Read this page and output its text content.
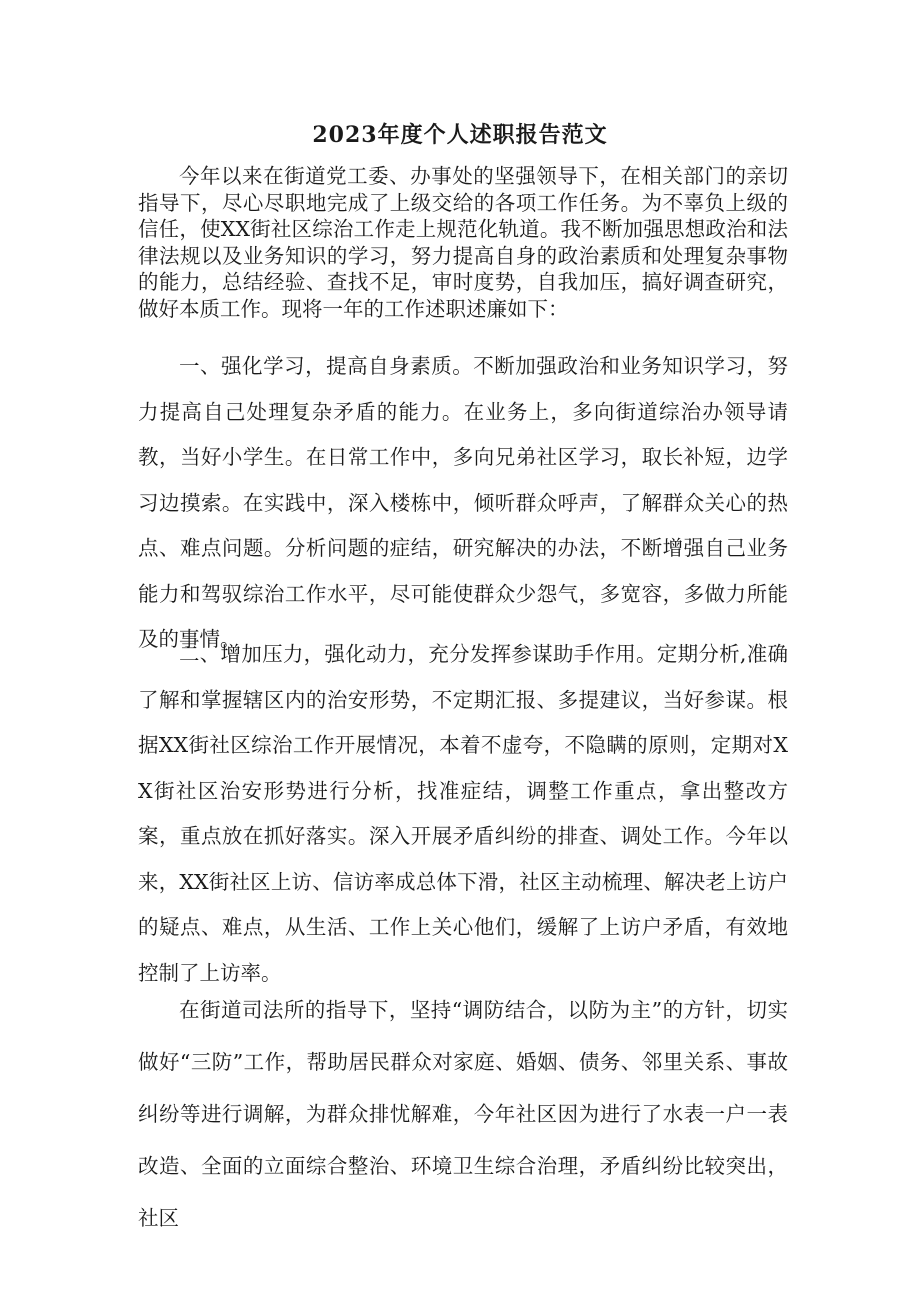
2023年度个人述职报告范文
今年以来在街道党工委、办事处的坚强领导下，在相关部门的亲切指导下，尽心尽职地完成了上级交给的各项工作任务。为不辜负上级的信任，使XX街社区综治工作走上规范化轨道。我不断加强思想政治和法律法规以及业务知识的学习，努力提高自身的政治素质和处理复杂事物的能力，总结经验、查找不足，审时度势，自我加压，搞好调查研究，做好本质工作。现将一年的工作述职述廉如下：
一、强化学习，提高自身素质。不断加强政治和业务知识学习，努力提高自己处理复杂矛盾的能力。在业务上，多向街道综治办领导请教，当好小学生。在日常工作中，多向兄弟社区学习，取长补短，边学习边摸索。在实践中，深入楼栋中，倾听群众呼声，了解群众关心的热点、难点问题。分析问题的症结，研究解决的办法，不断增强自己业务能力和驾驭综治工作水平，尽可能使群众少怨气，多宽容，多做力所能及的事情。
二、增加压力，强化动力，充分发挥参谋助手作用。定期分析,准确了解和掌握辖区内的治安形势，不定期汇报、多提建议，当好参谋。根据XX街社区综治工作开展情况，本着不虚夸，不隐瞒的原则，定期对XX街社区治安形势进行分析，找准症结，调整工作重点，拿出整改方案，重点放在抓好落实。深入开展矛盾纠纷的排查、调处工作。今年以来，XX街社区上访、信访率成总体下滑，社区主动梳理、解决老上访户的疑点、难点，从生活、工作上关心他们，缓解了上访户矛盾，有效地控制了上访率。
在街道司法所的指导下，坚持“调防结合，以防为主”的方针，切实做好“三防”工作，帮助居民群众对家庭、婚姻、债务、邻里关系、事故纠纷等进行调解，为群众排忧解难，今年社区因为进行了水表一户一表改造、全面的立面综合整治、环境卫生综合治理，矛盾纠纷比较突出，社区
